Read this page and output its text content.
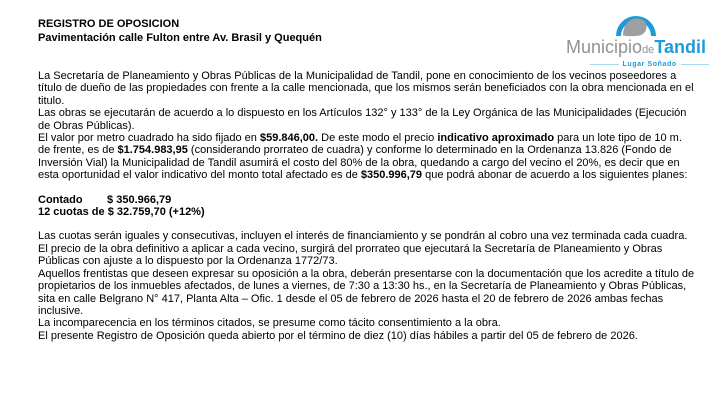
REGISTRO DE OPOSICION
Pavimentación calle Fulton entre Av. Brasil y Quequén	MunicipiodeTandil
Lugar Soñado
La Secretaría de Planeamiento y Obras Públicas de la Municipalidad de Tandil, pone en conocimiento de los vecinos poseedores a título de dueño de las propiedades con frente a la calle mencionada, que los mismos serán beneficiados con la obra mencionada en el titulo.
Las obras se ejecutarán de acuerdo a lo dispuesto en los Artículos 132° y 133° de la Ley Orgánica de las Municipalidades (Ejecución de Obras Públicas).
El valor por metro cuadrado ha sido fijado en $59.846,00. De este modo el precio indicativo aproximado para un lote tipo de 10 m. de frente, es de $1.754.983,95 (considerando prorrateo de cuadra) y conforme lo determinado en la Ordenanza 13.826 (Fondo de Inversión Vial) la Municipalidad de Tandil asumirá el costo del 80% de la obra, quedando a cargo del vecino el 20%, es decir que en esta oportunidad el valor indicativo del monto total afectado es de $350.996,79 que podrá abonar de acuerdo a los siguientes planes:
Contado        $ 350.966,79
12 cuotas de $ 32.759,70 (+12%)
Las cuotas serán iguales y consecutivas, incluyen el interés de financiamiento y se pondrán al cobro una vez terminada cada cuadra. El precio de la obra definitivo a aplicar a cada vecino, surgirá del prorrateo que ejecutará la Secretaría de Planeamiento y Obras Públicas con ajuste a lo dispuesto por la Ordenanza 1772/73.
Aquellos frentistas que deseen expresar su oposición a la obra, deberán presentarse con la documentación que los acredite a título de propietarios de los inmuebles afectados, de lunes a viernes, de 7:30 a 13:30 hs., en la Secretaría de Planeamiento y Obras Públicas, sita en calle Belgrano N° 417, Planta Alta – Ofic. 1 desde el 05 de febrero de 2026 hasta el 20 de febrero de 2026 ambas fechas inclusive.
La incomparecencia en los términos citados, se presume como tácito consentimiento a la obra.
El presente Registro de Oposición queda abierto por el término de diez (10) días hábiles a partir del 05 de febrero de 2026.
